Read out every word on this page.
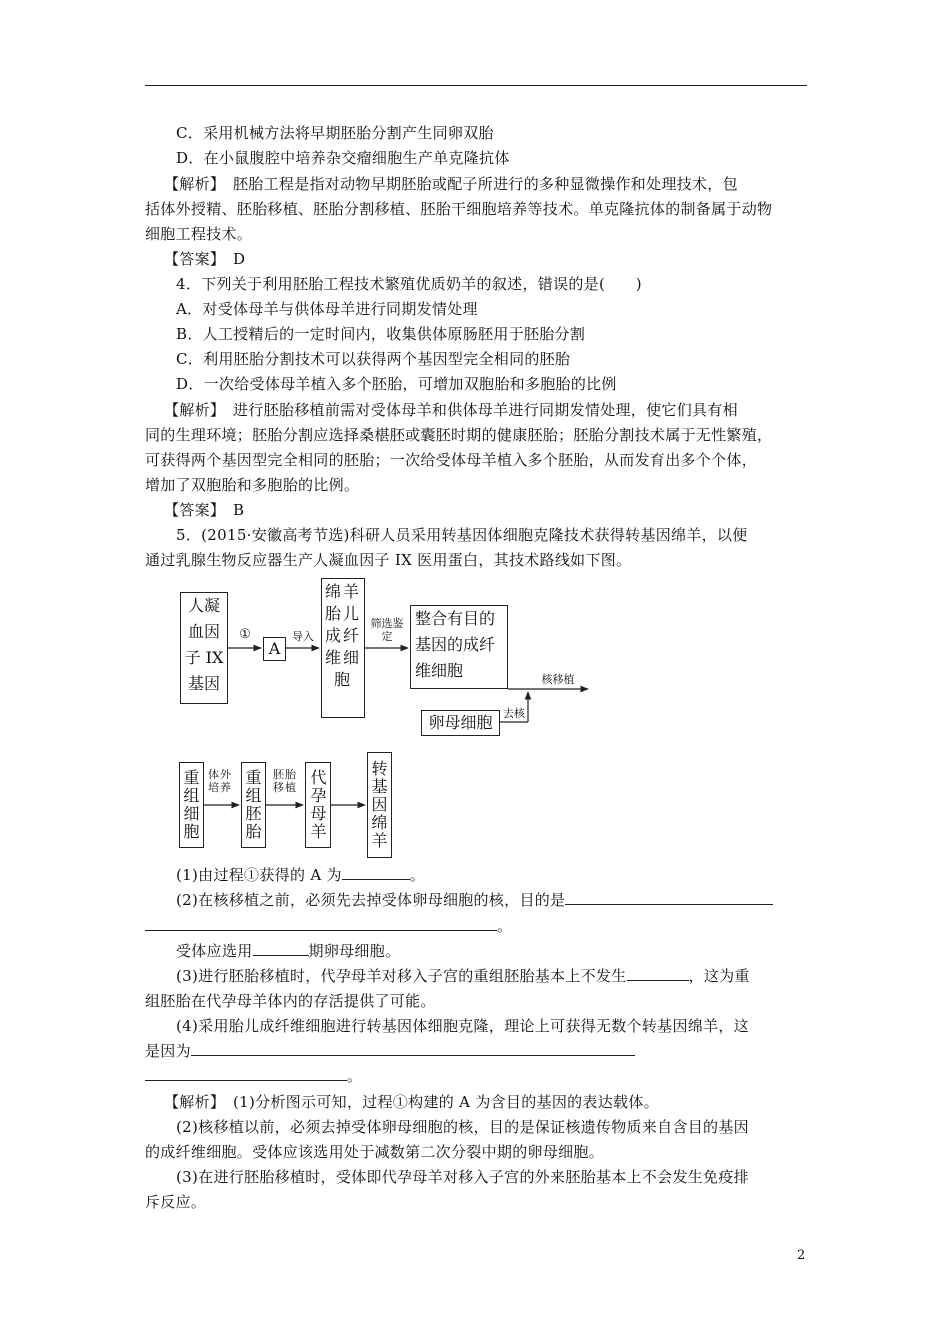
C．采用机械方法将早期胚胎分割产生同卵双胎
D．在小鼠腹腔中培养杂交瘤细胞生产单克隆抗体
【解析】　胚胎工程是指对动物早期胚胎或配子所进行的多种显微操作和处理技术，包
括体外授精、胚胎移植、胚胎分割移植、胚胎干细胞培养等技术。单克隆抗体的制备属于动物
细胞工程技术。
【答案】　D
4．下列关于利用胚胎工程技术繁殖优质奶羊的叙述，错误的是(　　)
A．对受体母羊与供体母羊进行同期发情处理
B．人工授精后的一定时间内，收集供体原肠胚用于胚胎分割
C．利用胚胎分割技术可以获得两个基因型完全相同的胚胎
D．一次给受体母羊植入多个胚胎，可增加双胞胎和多胞胎的比例
【解析】　进行胚胎移植前需对受体母羊和供体母羊进行同期发情处理，使它们具有相
同的生理环境；胚胎分割应选择桑椹胚或囊胚时期的健康胚胎；胚胎分割技术属于无性繁殖，
可获得两个基因型完全相同的胚胎；一次给受体母羊植入多个胚胎，从而发育出多个个体，
增加了双胞胎和多胞胎的比例。
【答案】　B
5．(2015·安徽高考节选)科研人员采用转基因体细胞克隆技术获得转基因绵羊，以便
通过乳腺生物反应器生产人凝血因子 IX 医用蛋白，其技术路线如下图。
人凝
血因
子 IX
基因
①
A
导入
绵羊胎儿成纤维细胞
筛选鉴定
整合有目的
基因的成纤
维细胞	核移植
卵母细胞 去核
重组细胞 体外培养 重组胚胎	胚胎移植 代孕母羊	转基因绵羊
(1)由过程①获得的 A 为	。
(2)在核移植之前，必须先去掉受体卵母细胞的核，目的是
。
受体应选用	期卵母细胞。
(3)进行胚胎移植时，代孕母羊对移入子宫的重组胚胎基本上不发生	，这为重
组胚胎在代孕母羊体内的存活提供了可能。
(4)采用胎儿成纤维细胞进行转基因体细胞克隆，理论上可获得无数个转基因绵羊，这
是因为
。
【解析】　(1)分析图示可知，过程①构建的 A 为含目的基因的表达载体。
(2)核移植以前，必须去掉受体卵母细胞的核，目的是保证核遗传物质来自含目的基因
的成纤维细胞。受体应该选用处于减数第二次分裂中期的卵母细胞。
(3)在进行胚胎移植时，受体即代孕母羊对移入子宫的外来胚胎基本上不会发生免疫排
斥反应。
2
